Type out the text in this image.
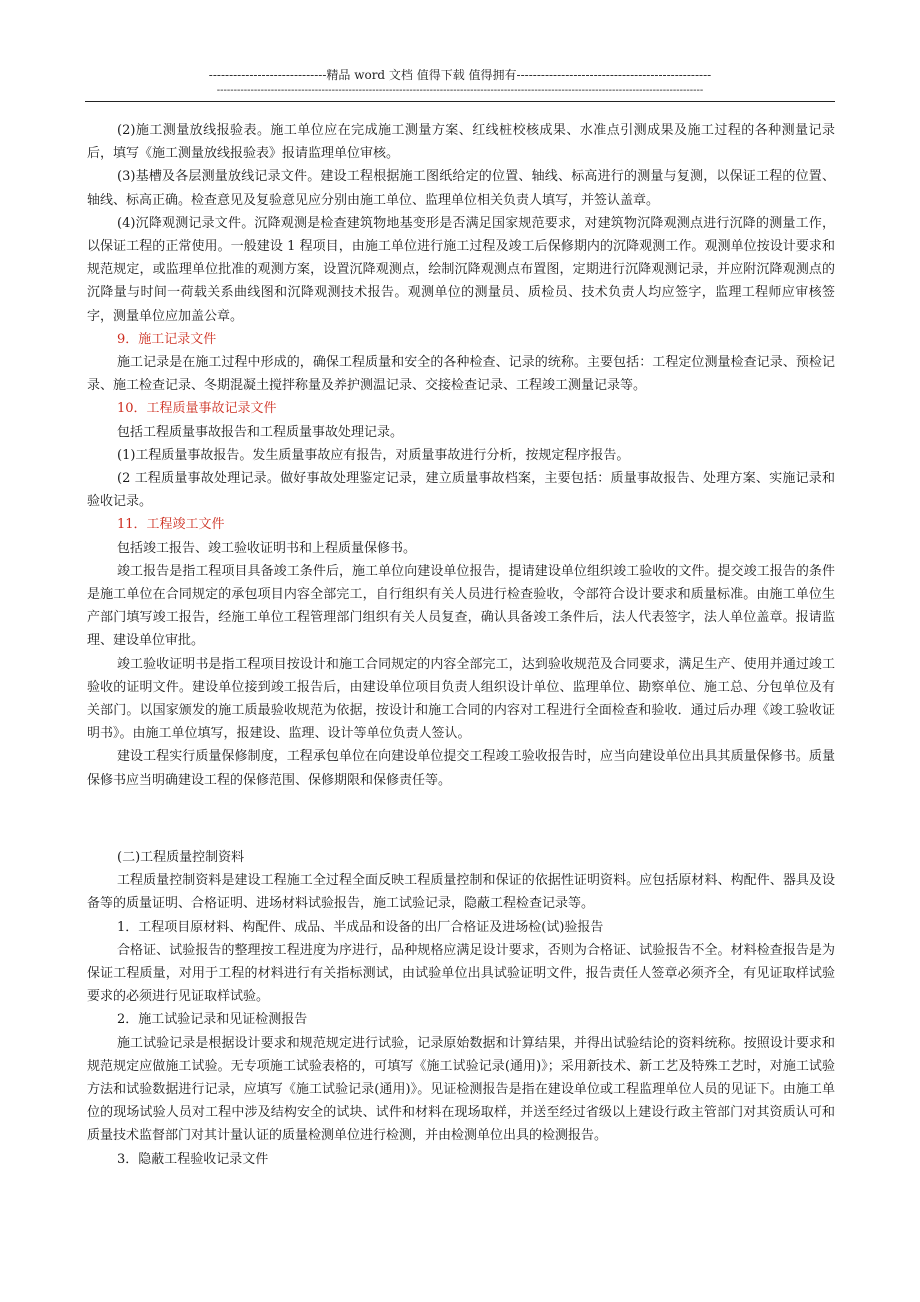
-----------------------------精品 word 文档 值得下载 值得拥有------------------------------------------------
------------------------------------------------------------------------------------------------------------------------------------------------

(2)施工测量放线报验表。施工单位应在完成施工测量方案、红线桩校核成果、水准点引测成果及施工过程的各种测量记录后，填写《施工测量放线报验表》报请监理单位审核。

(3)基槽及各层测量放线记录文件。建设工程根据施工图纸给定的位置、轴线、标高进行的测量与复测，以保证工程的位置、轴线、标高正确。检查意见及复验意见应分别由施工单位、监理单位相关负责人填写，并签认盖章。

(4)沉降观测记录文件。沉降观测是检查建筑物地基变形是否满足国家规范要求，对建筑物沉降观测点进行沉降的测量工作，以保证工程的正常使用。一般建设 1 程项目，由施工单位进行施工过程及竣工后保修期内的沉降观测工作。观测单位按设计要求和规范规定，或监理单位批准的观测方案，设置沉降观测点，绘制沉降观测点布置图，定期进行沉降观测记录，并应附沉降观测点的沉降量与时间一荷载关系曲线图和沉降观测技术报告。观测单位的测量员、质检员、技术负责人均应签字，监理工程师应审核签字，测量单位应加盖公章。

9．施工记录文件

施工记录是在施工过程中形成的，确保工程质量和安全的各种检查、记录的统称。主要包括：工程定位测量检查记录、预检记录、施工检查记录、冬期混凝土搅拌称量及养护测温记录、交接检查记录、工程竣工测量记录等。

10．工程质量事故记录文件

包括工程质量事故报告和工程质量事故处理记录。

(1)工程质量事故报告。发生质量事故应有报告，对质量事故进行分析，按规定程序报告。

(2 工程质量事故处理记录。做好事故处理鉴定记录，建立质量事故档案，主要包括：质量事故报告、处理方案、实施记录和验收记录。

11．工程竣工文件

包括竣工报告、竣工验收证明书和上程质量保修书。

竣工报告是指工程项目具备竣工条件后，施工单位向建设单位报告，提请建设单位组织竣工验收的文件。提交竣工报告的条件是施工单位在合同规定的承包项目内容全部完工，自行组织有关人员进行检查验收，令部符合设计要求和质量标准。由施工单位生产部门填写竣工报告，经施工单位工程管理部门组织有关人员复查，确认具备竣工条件后，法人代表签字，法人单位盖章。报请监理、建设单位审批。

竣工验收证明书是指工程项目按设计和施工合同规定的内容全部完工，达到验收规范及合同要求，满足生产、使用并通过竣工验收的证明文件。建设单位接到竣工报告后，由建设单位项目负责人组织设计单位、监理单位、勘察单位、施工总、分包单位及有关部门。以国家颁发的施工质最验收规范为依据，按设计和施工合同的内容对工程进行全面检查和验收．通过后办理《竣工验收证明书》。由施工单位填写，报建设、监理、设计等单位负责人签认。

建设工程实行质量保修制度，工程承包单位在向建设单位提交工程竣工验收报告时，应当向建设单位出具其质量保修书。质量保修书应当明确建设工程的保修范围、保修期限和保修责任等。

(二)工程质量控制资料

工程质量控制资料是建设工程施工全过程全面反映工程质量控制和保证的依据性证明资料。应包括原材料、构配件、器具及设备等的质量证明、合格证明、进场材料试验报告，施工试验记录，隐蔽工程检查记录等。

1．工程项目原材料、构配件、成品、半成品和设备的出厂合格证及进场检(试)验报告

合格证、试验报告的整理按工程进度为序进行，品种规格应满足设计要求，否则为合格证、试验报告不全。材料检查报告是为保证工程质量，对用于工程的材料进行有关指标测试，由试验单位出具试验证明文件，报告责任人签章必须齐全，有见证取样试验要求的必须进行见证取样试验。

2．施工试验记录和见证检测报告

施工试验记录是根据设计要求和规范规定进行试验，记录原始数据和计算结果，并得出试验结论的资料统称。按照设计要求和规范规定应做施工试验。无专项施工试验表格的，可填写《施工试验记录(通用)》；采用新技术、新工艺及特殊工艺时，对施工试验方法和试验数据进行记录，应填写《施工试验记录(通用)》。见证检测报告是指在建设单位或工程监理单位人员的见证下。由施工单位的现场试验人员对工程中涉及结构安全的试块、试件和材料在现场取样，并送至经过省级以上建设行政主管部门对其资质认可和质量技术监督部门对其计量认证的质量检测单位进行检测，并由检测单位出具的检测报告。

3．隐蔽工程验收记录文件
